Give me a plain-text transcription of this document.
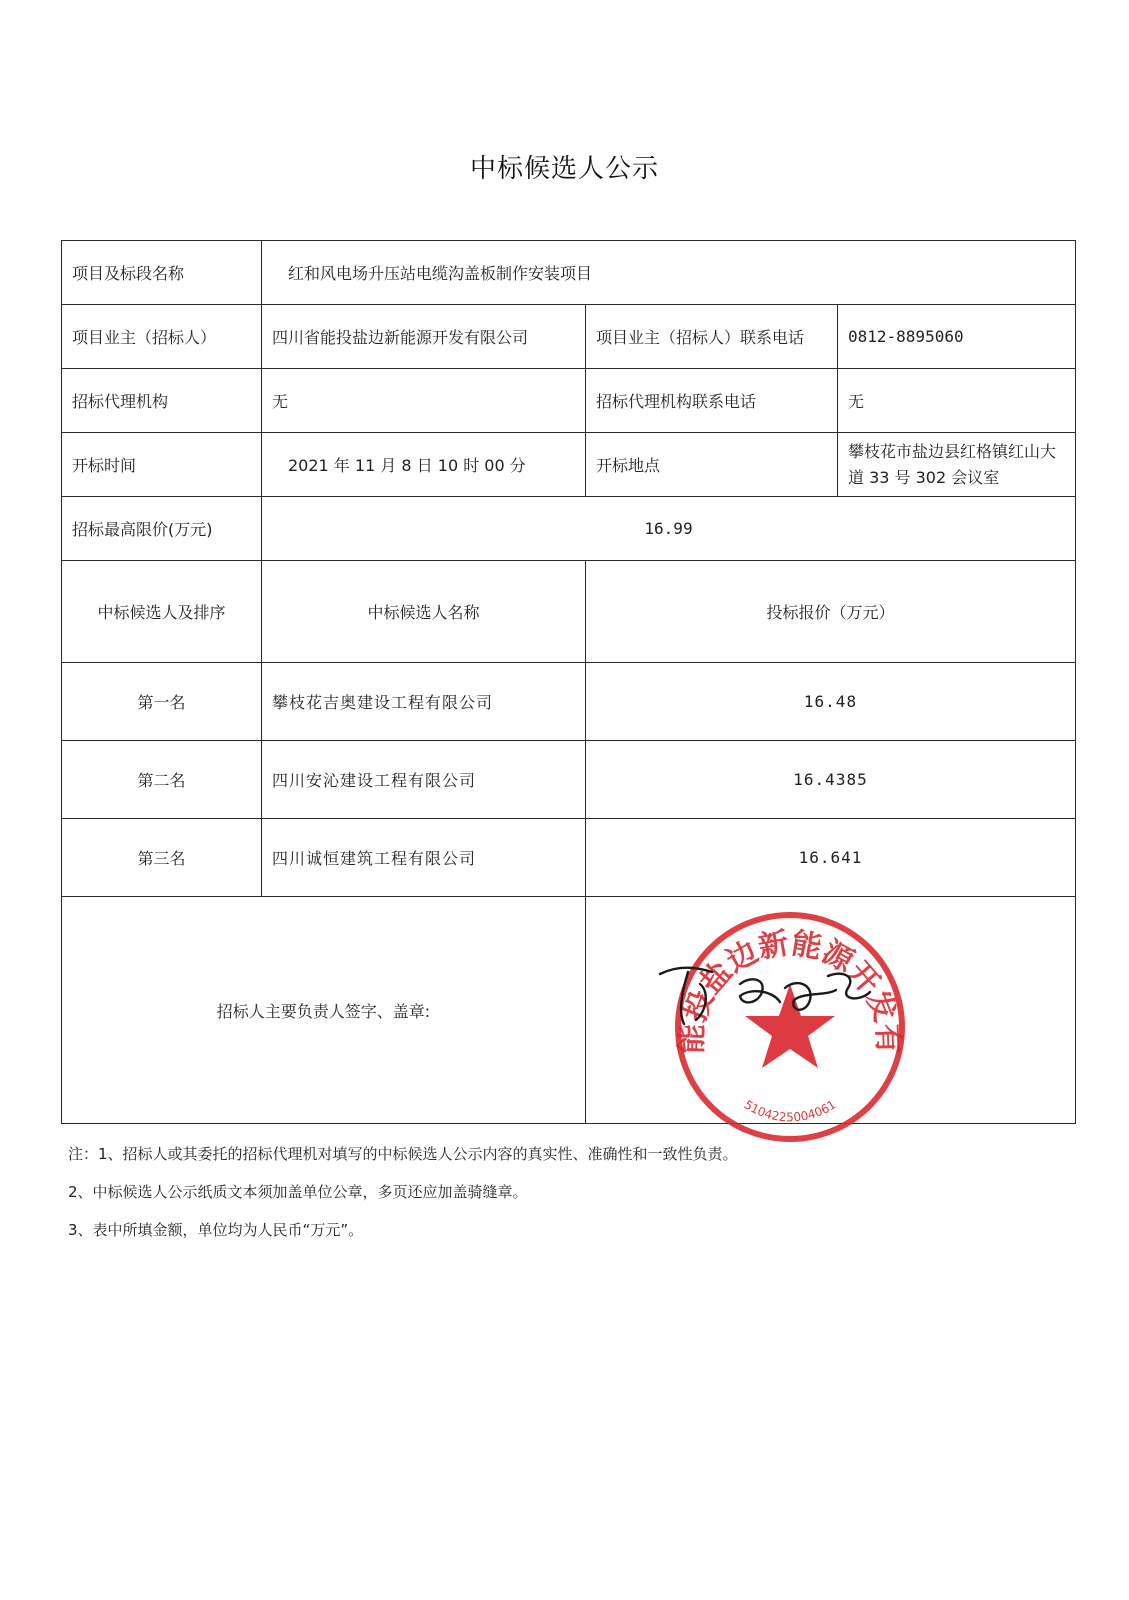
中标候选人公示
项目及标段名称	红和风电场升压站电缆沟盖板制作安装项目		
项目业主（招标人）	四川省能投盐边新能源开发有限公司	项目业主（招标人）联系电话	0812-8895060
招标代理机构	无	招标代理机构联系电话	无
开标时间	2021 年 11 月 8 日 10 时 00 分	开标地点	攀枝花市盐边县红格镇红山大道 33 号 302 会议室
招标最高限价(万元)	16.99		
中标候选人及排序	中标候选人名称	投标报价（万元）	
第一名	攀枝花吉奥建设工程有限公司	16.48	
第二名	四川安沁建设工程有限公司	16.4385	
第三名	四川诚恒建筑工程有限公司	16.641	
招标人主要负责人签字、盖章:			
能投盐边新能源开发有
5104225004061
注：1、招标人或其委托的招标代理机对填写的中标候选人公示内容的真实性、准确性和一致性负责。
2、中标候选人公示纸质文本须加盖单位公章，多页还应加盖骑缝章。
3、表中所填金额，单位均为人民币“万元”。
